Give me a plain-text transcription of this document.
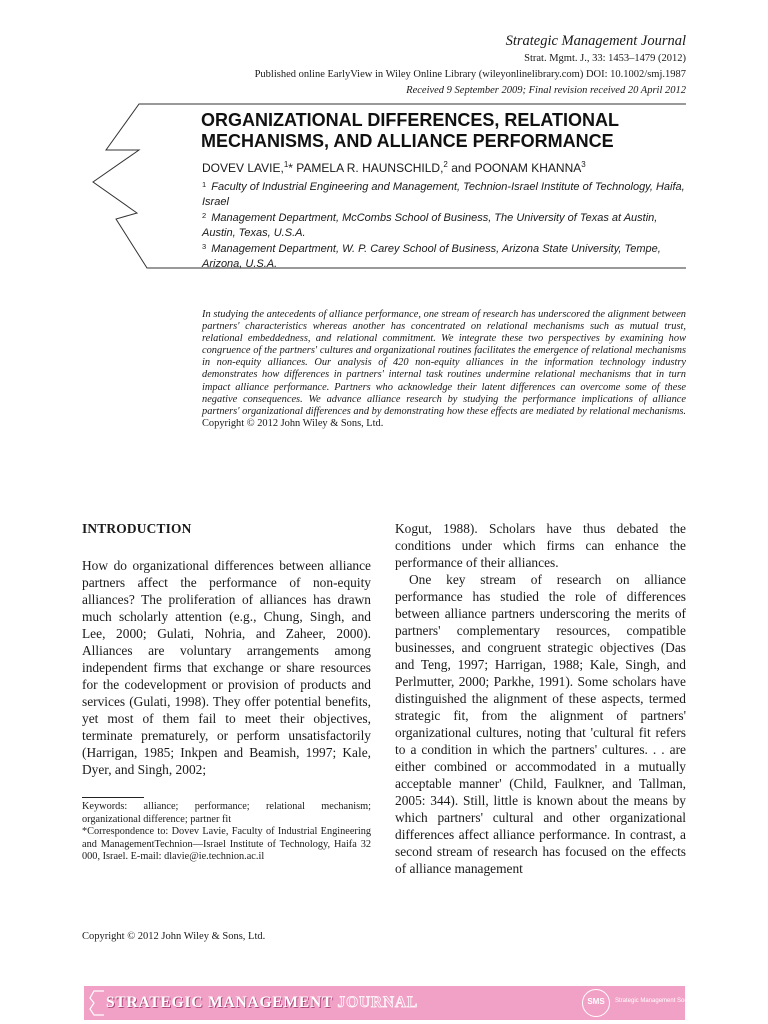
Strategic Management Journal
Strat. Mgmt. J., 33: 1453–1479 (2012)
Published online EarlyView in Wiley Online Library (wileyonlinelibrary.com) DOI: 10.1002/smj.1987
Received 9 September 2009; Final revision received 20 April 2012
ORGANIZATIONAL DIFFERENCES, RELATIONAL
MECHANISMS, AND ALLIANCE PERFORMANCE
DOVEV LAVIE,$^1$* PAMELA R. HAUNSCHILD,$^2$ and POONAM KHANNA$^3$
$^1$ Faculty of Industrial Engineering and Management, Technion-Israel Institute of Technology, Haifa, Israel
$^2$ Management Department, McCombs School of Business, The University of Texas at Austin, Austin, Texas, U.S.A.
$^3$ Management Department, W. P. Carey School of Business, Arizona State University, Tempe, Arizona, U.S.A.
In studying the antecedents of alliance performance, one stream of research has underscored the alignment between partners' characteristics whereas another has concentrated on relational mechanisms such as mutual trust, relational embeddedness, and relational commitment. We integrate these two perspectives by examining how congruence of the partners' cultures and organizational routines facilitates the emergence of relational mechanisms in non-equity alliances. Our analysis of 420 non-equity alliances in the information technology industry demonstrates how differences in partners' internal task routines undermine relational mechanisms that in turn impact alliance performance. Partners who acknowledge their latent differences can overcome some of these negative consequences. We advance alliance research by studying the performance implications of alliance partners' organizational differences and by demonstrating how these effects are mediated by relational mechanisms. Copyright © 2012 John Wiley & Sons, Ltd.
INTRODUCTION

How do organizational differences between alliance partners affect the performance of non-equity alliances? The proliferation of alliances has drawn much scholarly attention (e.g., Chung, Singh, and Lee, 2000; Gulati, Nohria, and Zaheer, 2000). Alliances are voluntary arrangements among independent firms that exchange or share resources for the codevelopment or provision of products and services (Gulati, 1998). They offer potential benefits, yet most of them fail to meet their objectives, terminate prematurely, or perform unsatisfactorily (Harrigan, 1985; Inkpen and Beamish, 1997; Kale, Dyer, and Singh, 2002;

Kogut, 1988). Scholars have thus debated the conditions under which firms can enhance the performance of their alliances.

One key stream of research on alliance performance has studied the role of differences between alliance partners underscoring the merits of partners' complementary resources, compatible businesses, and congruent strategic objectives (Das and Teng, 1997; Harrigan, 1988; Kale, Singh, and Perlmutter, 2000; Parkhe, 1991). Some scholars have distinguished the alignment of these aspects, termed strategic fit, from the alignment of partners' organizational cultures, noting that 'cultural fit refers to a condition in which the partners' cultures. . . are either combined or accommodated in a mutually acceptable manner' (Child, Faulkner, and Tallman, 2005: 344). Still, little is known about the means by which partners' cultural and other organizational differences affect alliance performance. In contrast, a second stream of research has focused on the effects of alliance management

Keywords: alliance; performance; relational mechanism; organizational difference; partner fit
*Correspondence to: Dovev Lavie, Faculty of Industrial Engineering and ManagementTechnion—Israel Institute of Technology, Haifa 32 000, Israel. E-mail: dlavie@ie.technion.ac.il
Copyright © 2012 John Wiley & Sons, Ltd.
STRATEGIC MANAGEMENT JOURNAL	SMS	Strategic Management Society
